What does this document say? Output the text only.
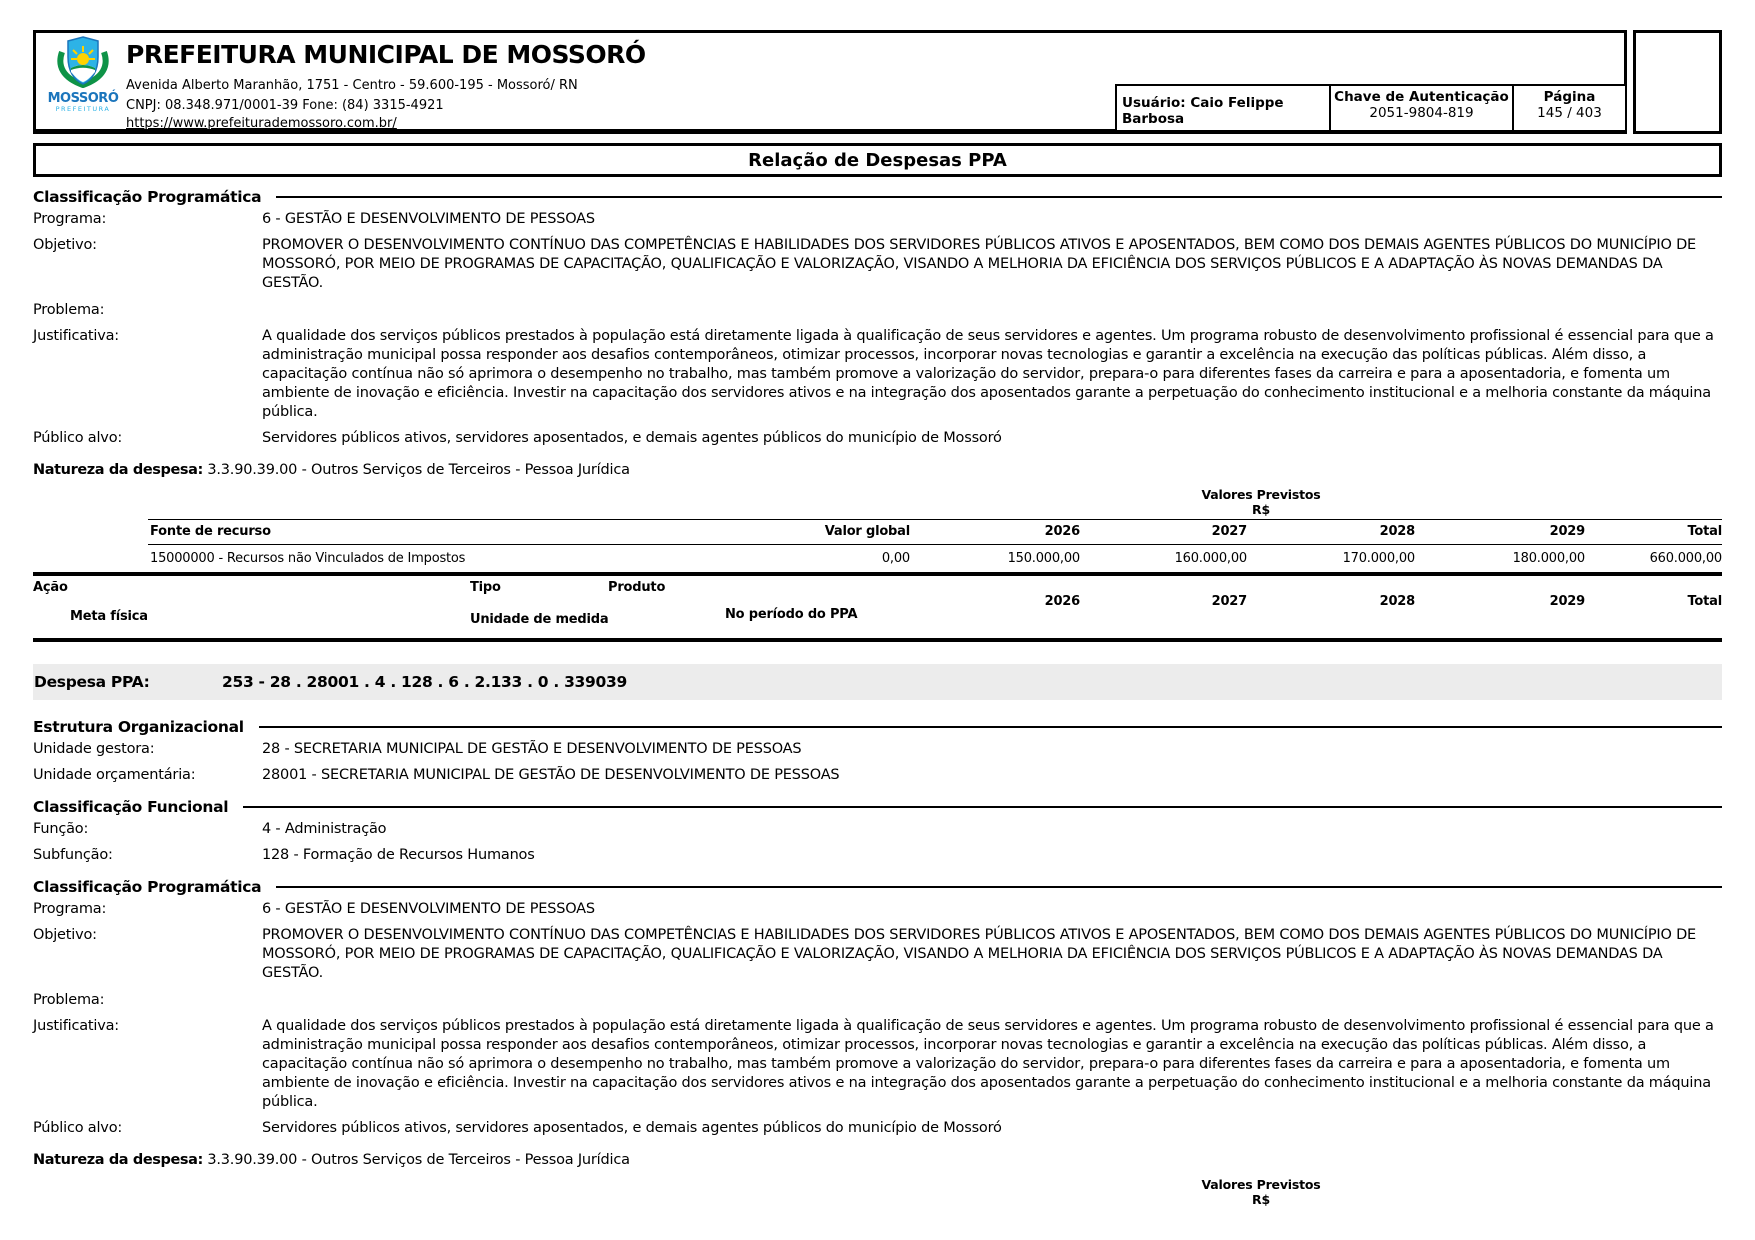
MOSSORÓ
PREFEITURA
PREFEITURA MUNICIPAL DE MOSSORÓ
Avenida Alberto Maranhão, 1751 - Centro - 59.600-195 - Mossoró/ RN
CNPJ: 08.348.971/0001-39 Fone: (84) 3315-4921
https://www.prefeiturademossoro.com.br/
Usuário: Caio Felippe Barbosa
Chave de Autenticação
2051-9804-819
Página
145 / 403
Relação de Despesas PPA
Classificação Programática
Programa:	6 - GESTÃO E DESENVOLVIMENTO DE PESSOAS
Objetivo:	PROMOVER O DESENVOLVIMENTO CONTÍNUO DAS COMPETÊNCIAS E HABILIDADES DOS SERVIDORES PÚBLICOS ATIVOS E APOSENTADOS, BEM COMO DOS DEMAIS AGENTES PÚBLICOS DO MUNICÍPIO DE MOSSORÓ, POR MEIO DE PROGRAMAS DE CAPACITAÇÃO, QUALIFICAÇÃO E VALORIZAÇÃO, VISANDO A MELHORIA DA EFICIÊNCIA DOS SERVIÇOS PÚBLICOS E A ADAPTAÇÃO ÀS NOVAS DEMANDAS DA GESTÃO.
Problema:
Justificativa:	A qualidade dos serviços públicos prestados à população está diretamente ligada à qualificação de seus servidores e agentes. Um programa robusto de desenvolvimento profissional é essencial para que a administração municipal possa responder aos desafios contemporâneos, otimizar processos, incorporar novas tecnologias e garantir a excelência na execução das políticas públicas. Além disso, a capacitação contínua não só aprimora o desempenho no trabalho, mas também promove a valorização do servidor, prepara-o para diferentes fases da carreira e para a aposentadoria, e fomenta um ambiente de inovação e eficiência. Investir na capacitação dos servidores ativos e na integração dos aposentados garante a perpetuação do conhecimento institucional e a melhoria constante da máquina pública.
Público alvo:	Servidores públicos ativos, servidores aposentados, e demais agentes públicos do município de Mossoró
Natureza da despesa: 3.3.90.39.00 - Outros Serviços de Terceiros - Pessoa Jurídica
Valores Previstos R$
Fonte de recurso	Valor global	2026	2027	2028	2029	Total
15000000 - Recursos não Vinculados de Impostos	0,00	150.000,00	160.000,00	170.000,00	180.000,00	660.000,00
Ação	Tipo	Produto
Meta física	Unidade de medida	No período do PPA
2026	2027	2028	2029	Total
Despesa PPA:	253 - 28 . 28001 . 4 . 128 . 6 . 2.133 . 0 . 339039
Estrutura Organizacional
Unidade gestora:	28 - SECRETARIA MUNICIPAL DE GESTÃO E DESENVOLVIMENTO DE PESSOAS
Unidade orçamentária:	28001 - SECRETARIA MUNICIPAL DE GESTÃO DE DESENVOLVIMENTO DE PESSOAS
Classificação Funcional
Função:	4 - Administração
Subfunção:	128 - Formação de Recursos Humanos
Classificação Programática
Programa:	6 - GESTÃO E DESENVOLVIMENTO DE PESSOAS
Objetivo:	PROMOVER O DESENVOLVIMENTO CONTÍNUO DAS COMPETÊNCIAS E HABILIDADES DOS SERVIDORES PÚBLICOS ATIVOS E APOSENTADOS, BEM COMO DOS DEMAIS AGENTES PÚBLICOS DO MUNICÍPIO DE MOSSORÓ, POR MEIO DE PROGRAMAS DE CAPACITAÇÃO, QUALIFICAÇÃO E VALORIZAÇÃO, VISANDO A MELHORIA DA EFICIÊNCIA DOS SERVIÇOS PÚBLICOS E A ADAPTAÇÃO ÀS NOVAS DEMANDAS DA GESTÃO.
Problema:
Justificativa:	A qualidade dos serviços públicos prestados à população está diretamente ligada à qualificação de seus servidores e agentes. Um programa robusto de desenvolvimento profissional é essencial para que a administração municipal possa responder aos desafios contemporâneos, otimizar processos, incorporar novas tecnologias e garantir a excelência na execução das políticas públicas. Além disso, a capacitação contínua não só aprimora o desempenho no trabalho, mas também promove a valorização do servidor, prepara-o para diferentes fases da carreira e para a aposentadoria, e fomenta um ambiente de inovação e eficiência. Investir na capacitação dos servidores ativos e na integração dos aposentados garante a perpetuação do conhecimento institucional e a melhoria constante da máquina pública.
Público alvo:	Servidores públicos ativos, servidores aposentados, e demais agentes públicos do município de Mossoró
Natureza da despesa: 3.3.90.39.00 - Outros Serviços de Terceiros - Pessoa Jurídica
Valores Previstos R$
